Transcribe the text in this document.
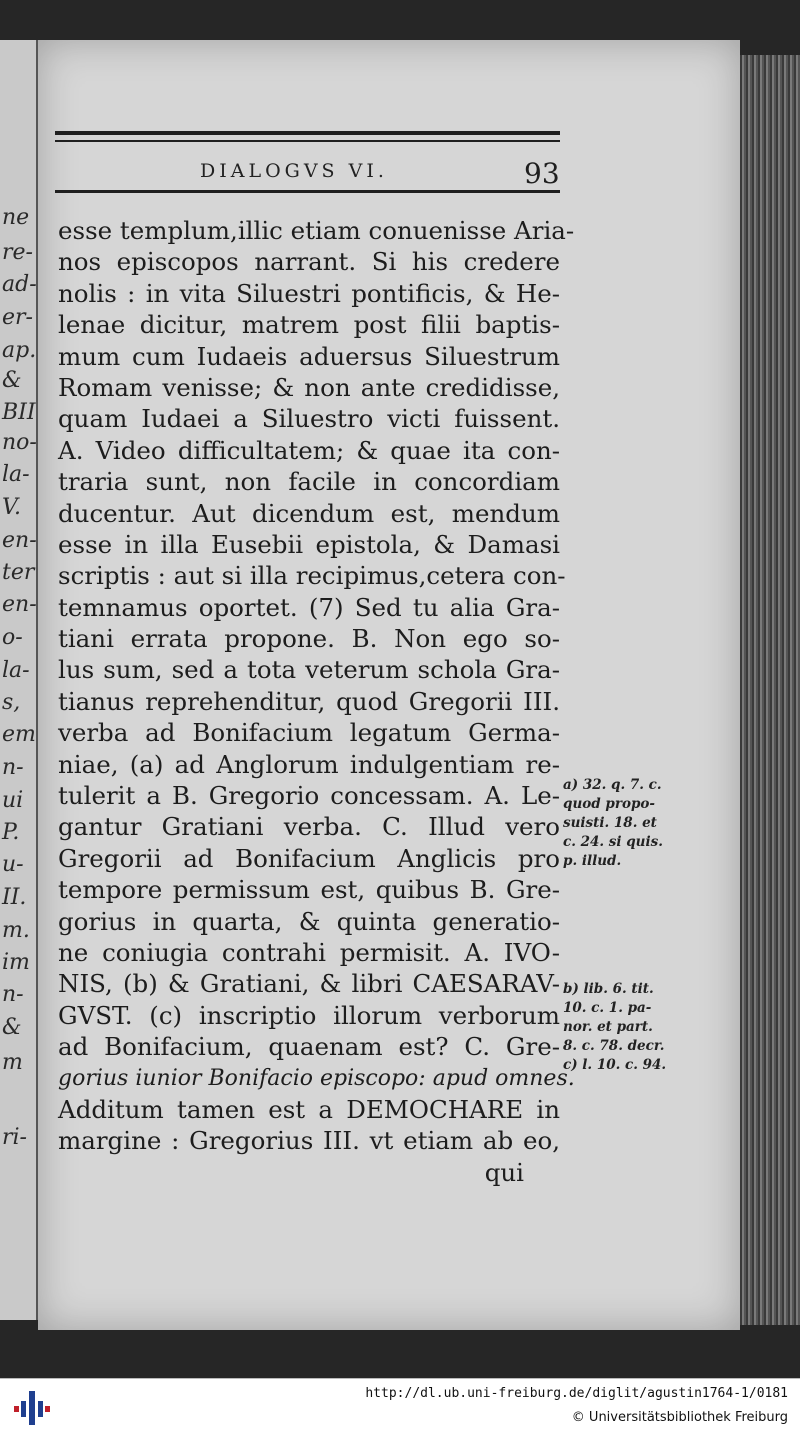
ne
re-
ad-
er-
ap.
&
BII
no-
la-
V.
en-
ter
en-
o-
la-
s,
em
n-
ui
P.
u-
II.
m.
im
n-
&
m
ri-
DIALOGVS VI.	93
esse templum,illic etiam conuenisse Aria-
nos episcopos narrant. Si his credere
nolis : in vita Siluestri pontificis, & He-
lenae dicitur, matrem post filii baptis-
mum cum Iudaeis aduersus Siluestrum
Romam venisse; & non ante credidisse,
quam Iudaei a Siluestro victi fuissent.
A. Video difficultatem; & quae ita con-
traria sunt, non facile in concordiam
ducentur. Aut dicendum est, mendum
esse in illa Eusebii epistola, & Damasi
scriptis : aut si illa recipimus,cetera con-
temnamus oportet. (7) Sed tu alia Gra-
tiani errata propone. B. Non ego so-
lus sum, sed a tota veterum schola Gra-
tianus reprehenditur, quod Gregorii III.
verba ad Bonifacium legatum Germa-
niae, (a) ad Anglorum indulgentiam re-
tulerit a B. Gregorio concessam. A. Le-
gantur Gratiani verba. C. Illud vero
Gregorii ad Bonifacium Anglicis pro
tempore permissum est, quibus B. Gre-
gorius in quarta, & quinta generatio-
ne coniugia contrahi permisit. A. IVO-
NIS, (b) & Gratiani, & libri CAESARAV-
GVST. (c) inscriptio illorum verborum
ad Bonifacium, quaenam est? C. Gre-
gorius iunior Bonifacio episcopo: apud omnes.
Additum tamen est a DEMOCHARE in
margine : Gregorius III. vt etiam ab eo,
qui
a) 32. q. 7. c.
quod propo-
suisti. 18. et
c. 24. si quis.
p. illud.
b) lib. 6. tit.
10. c. 1. pa-
nor. et part.
8. c. 78. decr.
c) l. 10. c. 94.
http://dl.ub.uni-freiburg.de/diglit/agustin1764-1/0181
© Universitätsbibliothek Freiburg
